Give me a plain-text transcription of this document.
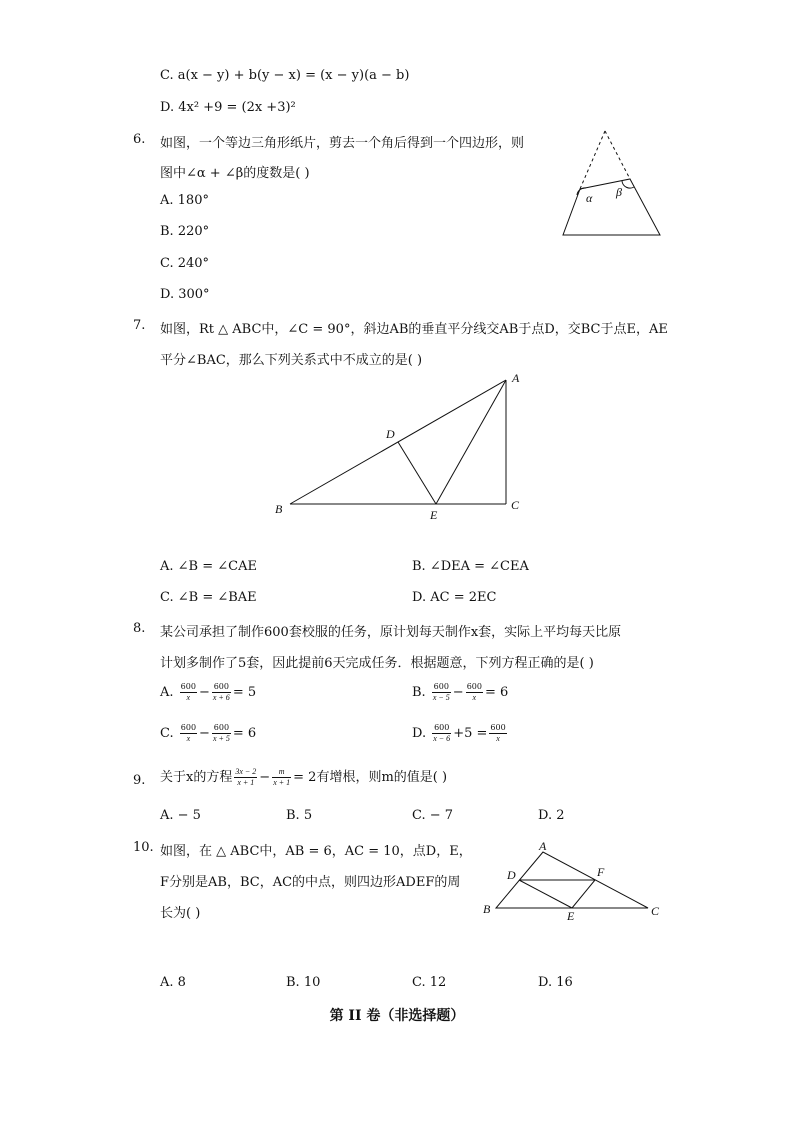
C. a(x − y) + b(y − x) = (x − y)(a − b)
D. 4x² +9 = (2x +3)²
6. 如图，一个等边三角形纸片，剪去一个角后得到一个四边形，则
图中∠α + ∠β的度数是( )
A. 180°
B. 220°
C. 240°
D. 300°
α β
7. 如图，Rt △ ABC中，∠C = 90°，斜边AB的垂直平分线交AB于点D，交BC于点E，AE
平分∠BAC，那么下列关系式中不成立的是( )
A
B	C
D
E
A. ∠B = ∠CAE	B. ∠DEA = ∠CEA
C. ∠B = ∠BAE	D. AC = 2EC
8. 某公司承担了制作600套校服的任务，原计划每天制作x套，实际上平均每天比原
计划多制作了5套，因此提前6天完成任务．根据题意，下列方程正确的是( )
A. $\frac{600}{x} - \frac{600}{x + 6} = 5$	B. $\frac{600}{x - 5} - \frac{600}{x} = 6$
C. $\frac{600}{x} - \frac{600}{x + 5} = 6$	D. $\frac{600}{x - 6} +5 = \frac{600}{x}$
9. 关于x的方程 $\frac{3x - 2}{x + 1} - \frac{m}{x + 1} = 2$有增根，则m的值是( )
A. − 5	B. 5	C. − 7	D. 2
10. 如图，在 △ ABC中，AB = 6，AC = 10，点D，E，
F分别是AB，BC，AC的中点，则四边形ADEF的周
长为( )
A
B	C
D
E
F
A. 8	B. 10	C. 12	D. 16
第 II 卷（非选择题）
